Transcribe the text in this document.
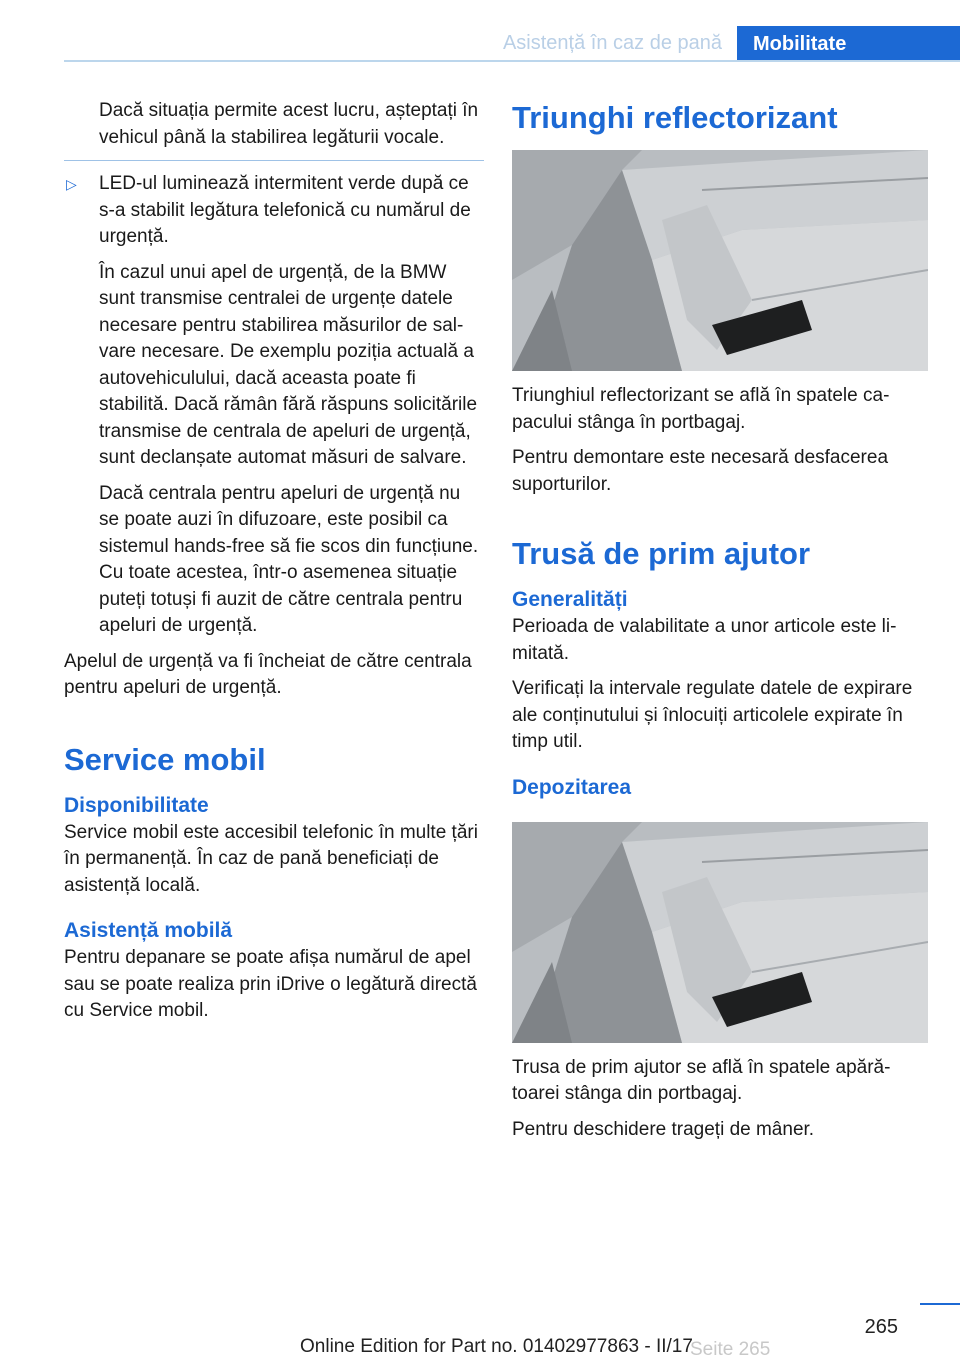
Asistență în caz de pană	Mobilitate

Dacă situația permite acest lucru, așteptați în vehicul până la stabilirea legăturii vocale.

▷ LED-ul luminează intermitent verde după ce s-a stabilit legătura telefonică cu numărul de urgență.

În cazul unui apel de urgență, de la BMW sunt transmise centralei de urgențe datele necesare pentru stabilirea măsurilor de salvare necesare. De exemplu poziția actuală a autovehiculului, dacă aceasta poate fi stabilită. Dacă rămân fără răspuns solicitările transmise de centrala de apeluri de urgență, sunt declanșate automat măsuri de salvare.

Dacă centrala pentru apeluri de urgență nu se poate auzi în difuzoare, este posibil ca sistemul hands-free să fie scos din funcțiune. Cu toate acestea, într-o asemenea situație puteți totuși fi auzit de către centrala pentru apeluri de urgență.

Apelul de urgență va fi încheiat de către centrala pentru apeluri de urgență.

Service mobil
Disponibilitate

Service mobil este accesibil telefonic în multe țări în permanență. În caz de pană beneficiați de asistență locală.

Asistență mobilă

Pentru depanare se poate afișa numărul de apel sau se poate realiza prin iDrive o legătură directă cu Service mobil.

Triunghi reflectorizant

Triunghiul reflectorizant se află în spatele capacului stânga în portbagaj.

Pentru demontare este necesară desfacerea suporturilor.

Trusă de prim ajutor
Generalități

Perioada de valabilitate a unor articole este limitată.

Verificați la intervale regulate datele de expirare ale conținutului și înlocuiți articolele expirate în timp util.

Depozitarea

Trusa de prim ajutor se află în spatele apărătoarei stânga din portbagaj.

Pentru deschidere trageți de mâner.

265
Online Edition for Part no. 01402977863 - II/17
Seite 265
